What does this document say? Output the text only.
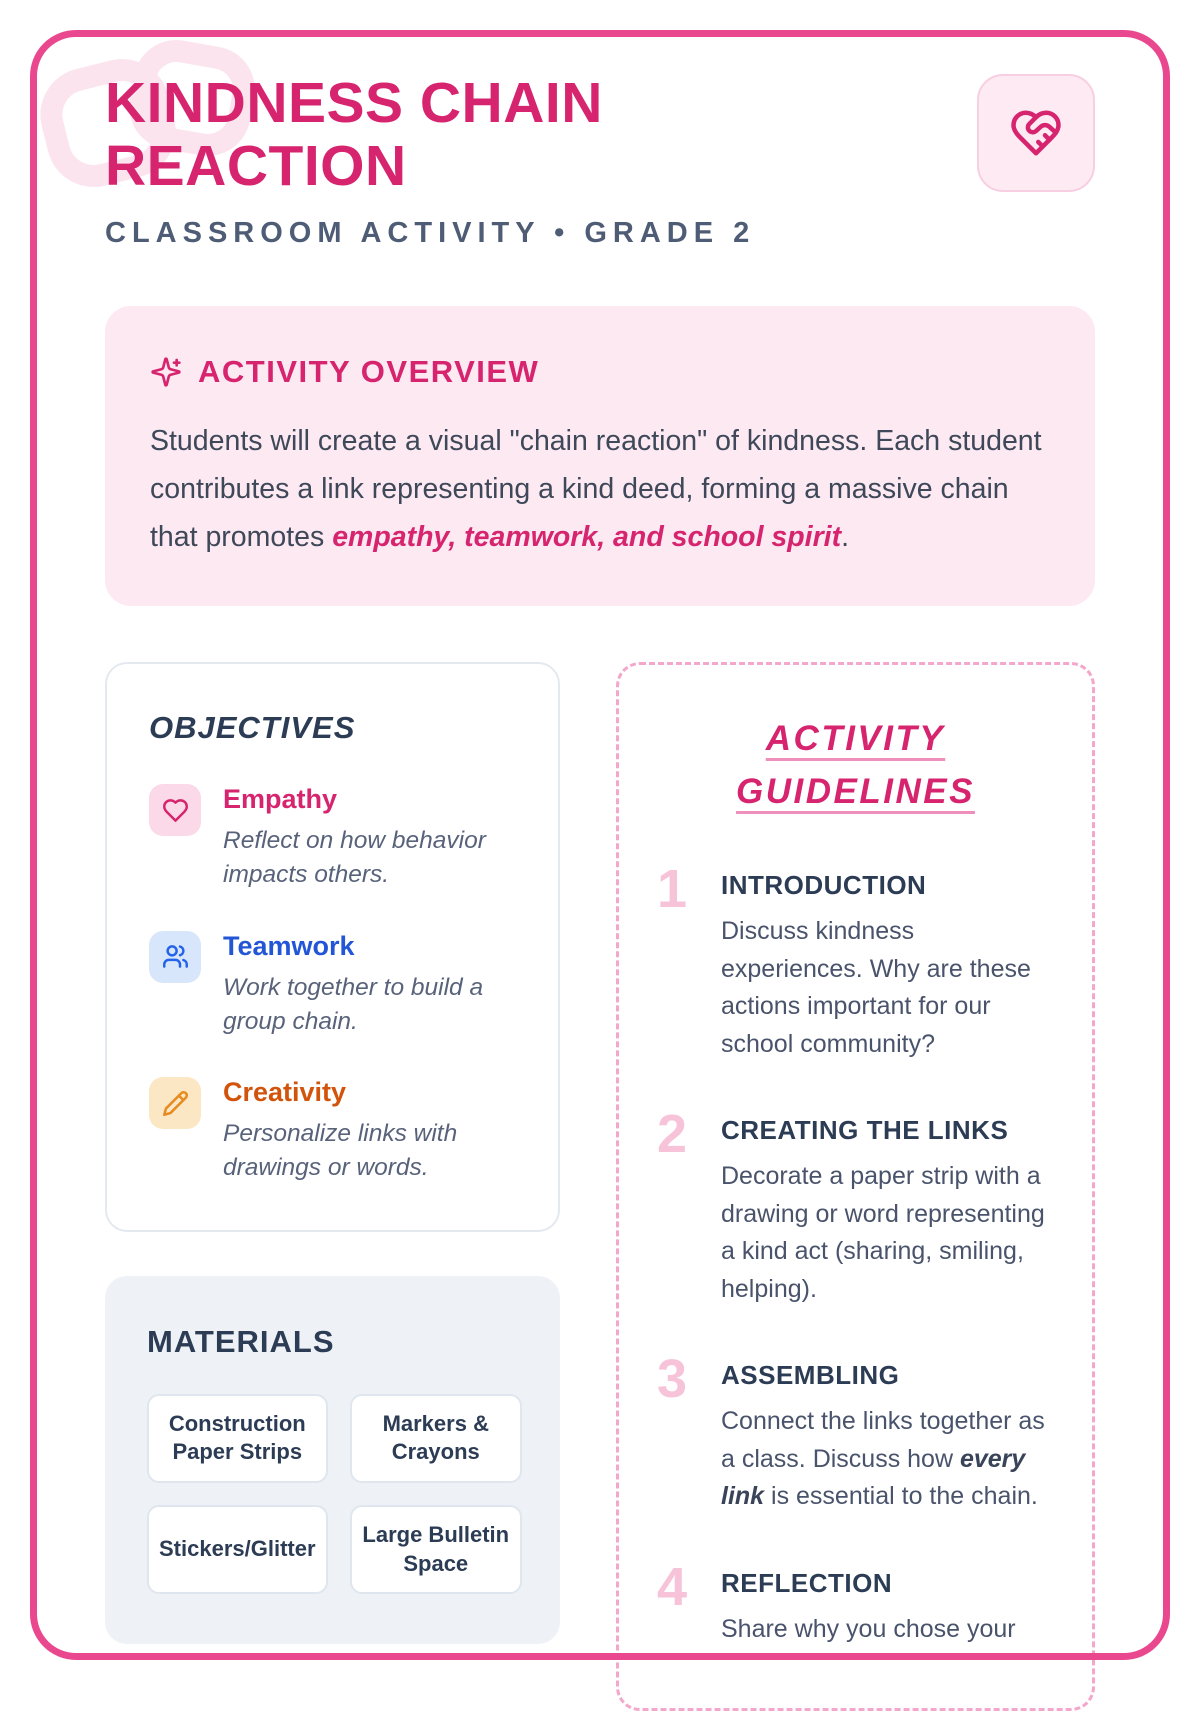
KINDNESS CHAIN REACTION
CLASSROOM ACTIVITY • GRADE 2
ACTIVITY OVERVIEW

Students will create a visual "chain reaction" of kindness. Each student contributes a link representing a kind deed, forming a massive chain that promotes empathy, teamwork, and school spirit.

OBJECTIVES
Empathy
Reflect on how behavior impacts others.
Teamwork
Work together to build a group chain.
Creativity
Personalize links with drawings or words.
MATERIALS
Construction Paper Strips
Markers & Crayons
Stickers/Glitter
Large Bulletin Space
ACTIVITY
GUIDELINES
1	INTRODUCTION
Discuss kindness experiences. Why are these actions important for our school community?
2	CREATING THE LINKS
Decorate a paper strip with a drawing or word representing a kind act (sharing, smiling, helping).
3	ASSEMBLING
Connect the links together as a class. Discuss how every link is essential to the chain.
4	REFLECTION
Share why you chose your
